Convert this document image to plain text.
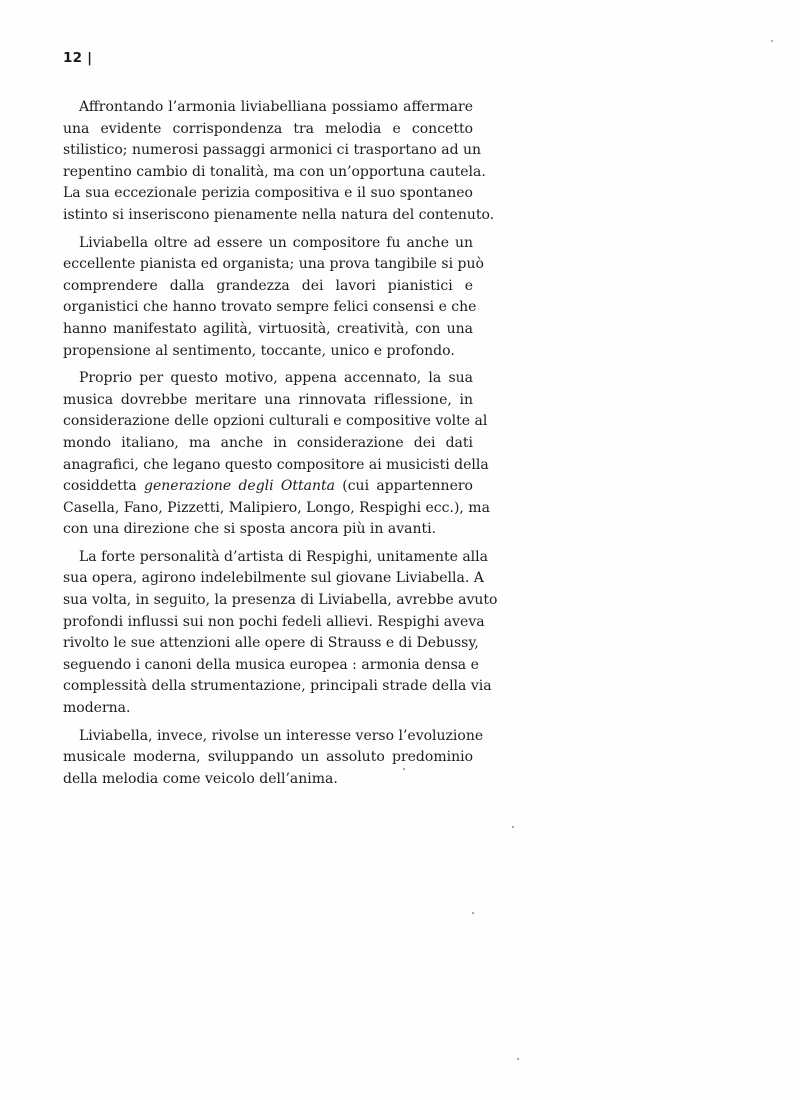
12 |
Affrontando l’armonia liviabelliana possiamo affermare
una evidente corrispondenza tra melodia e concetto
stilistico; numerosi passaggi armonici ci trasportano ad un
repentino cambio di tonalità, ma con un’opportuna cautela.
La sua eccezionale perizia compositiva e il suo spontaneo
istinto si inseriscono pienamente nella natura del contenuto.
Liviabella oltre ad essere un compositore fu anche un
eccellente pianista ed organista; una prova tangibile si può
comprendere dalla grandezza dei lavori pianistici e
organistici che hanno trovato sempre felici consensi e che
hanno manifestato agilità, virtuosità, creatività, con una
propensione al sentimento, toccante, unico e profondo.
Proprio per questo motivo, appena accennato, la sua
musica dovrebbe meritare una rinnovata riflessione, in
considerazione delle opzioni culturali e compositive volte al
mondo italiano, ma anche in considerazione dei dati
anagrafici, che legano questo compositore ai musicisti della
cosiddetta generazione degli Ottanta (cui appartennero
Casella, Fano, Pizzetti, Malipiero, Longo, Respighi ecc.), ma
con una direzione che si sposta ancora più in avanti.
La forte personalità d’artista di Respighi, unitamente alla
sua opera, agirono indelebilmente sul giovane Liviabella. A
sua volta, in seguito, la presenza di Liviabella, avrebbe avuto
profondi influssi sui non pochi fedeli allievi. Respighi aveva
rivolto le sue attenzioni alle opere di Strauss e di Debussy,
seguendo i canoni della musica europea : armonia densa e
complessità della strumentazione, principali strade della via
moderna.
Liviabella, invece, rivolse un interesse verso l’evoluzione
musicale moderna, sviluppando un assoluto predominio
della melodia come veicolo dell’anima.
